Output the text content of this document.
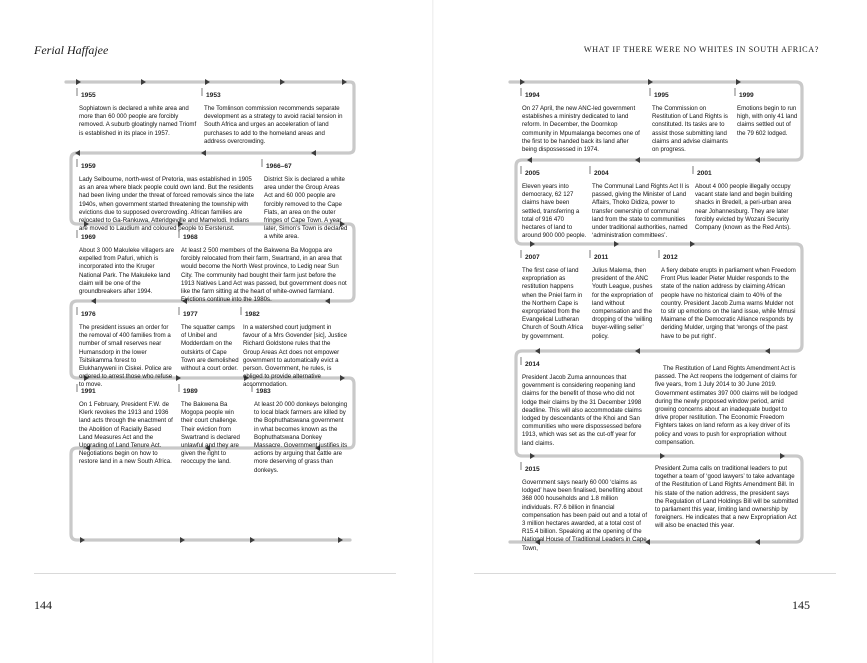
Ferial Haffajee	WHAT IF THERE WERE NO WHITES IN SOUTH AFRICA?
1955

Sophiatown is declared a white area and more than 60 000 people are forcibly removed. A suburb gloatingly named Triomf is established in its place in 1957.

1953

The Tomlinson commission recommends separate development as a strategy to avoid racial tension in South Africa and urges an acceleration of land purchases to add to the homeland areas and address overcrowding.

1959

Lady Selbourne, north-west of Pretoria, was established in 1905 as an area where black people could own land. But the residents had been living under the threat of forced removals since the late 1940s, when government started threatening the township with evictions due to supposed overcrowding. African families are relocated to Ga-Rankuwa, Atteridgeville and Mamelodi. Indians are moved to Laudium and coloured people to Eersterust.

1966–67

District Six is declared a white area under the Group Areas Act and 60 000 people are forcibly removed to the Cape Flats, an area on the outer fringes of Cape Town. A year later, Simon’s Town is declared a white area.

1969

About 3 000 Makuleke villagers are expelled from Pafuri, which is incorporated into the Kruger National Park. The Makuleke land claim will be one of the groundbreakers after 1994.

1968

At least 2 500 members of the Bakwena Ba Mogopa are forcibly relocated from their farm, Swartrand, in an area that would become the North West province, to Ledig near Sun City. The community had bought their farm just before the 1913 Natives Land Act was passed, but government does not like the farm sitting at the heart of white-owned farmland. Evictions continue into the 1980s.

1976

The president issues an order for the removal of 400 families from a number of small reserves near Humansdorp in the lower Tsitsikamma forest to Elukhanyweni in Ciskei. Police are ordered to arrest those who refuse to move.

1977

The squatter camps of Unibel and Modderdam on the outskirts of Cape Town are demolished without a court order.

1982

In a watershed court judgment in favour of a Mrs Govender [sic], Justice Richard Goldstone rules that the Group Areas Act does not empower government to automatically evict a person. Government, he rules, is obliged to provide alternative accommodation.

1991

On 1 February, President F.W. de Klerk revokes the 1913 and 1936 land acts through the enactment of the Abolition of Racially Based Land Measures Act and the Upgrading of Land Tenure Act. Negotiations begin on how to restore land in a new South Africa.

1989

The Bakwena Ba Mogopa people win their court challenge. Their eviction from Swartrand is declared unlawful and they are given the right to reoccupy the land.

1983

At least 20 000 donkeys belonging to local black farmers are killed by the Bophuthatswana government in what becomes known as the Bophuthatswana Donkey Massacre. Government justifies its actions by arguing that cattle are more deserving of grass than donkeys.

1994

On 27 April, the new ANC-led government establishes a ministry dedicated to land reform. In December, the Doornkop community in Mpumalanga becomes one of the first to be handed back its land after being dispossessed in 1974.

1995

The Commission on Restitution of Land Rights is constituted. Its tasks are to assist those submitting land claims and advise claimants on progress.

1999

Emotions begin to run high, with only 41 land claims settled out of the 79 602 lodged.

2005

Eleven years into democracy, 62 127 claims have been settled, transferring a total of 916 470 hectares of land to around 900 000 people.

2004

The Communal Land Rights Act II is passed, giving the Minister of Land Affairs, Thoko Didiza, power to transfer ownership of communal land from the state to communities under traditional authorities, named ‘administration committees’.

2001

About 4 000 people illegally occupy vacant state land and begin building shacks in Bredell, a peri-urban area near Johannesburg. They are later forcibly evicted by Wozani Security Company (known as the Red Ants).

2007

The first case of land expropriation as restitution happens when the Pniel farm in the Northern Cape is expropriated from the Evangelical Lutheran Church of South Africa by government.

2011

Julius Malema, then president of the ANC Youth League, pushes for the expropriation of land without compensation and the dropping of the ‘willing buyer-willing seller’ policy.

2012

A fiery debate erupts in parliament when Freedom Front Plus leader Pieter Mulder responds to the state of the nation address by claiming African people have no historical claim to 40% of the country. President Jacob Zuma warns Mulder not to stir up emotions on the land issue, while Mmusi Maimane of the Democratic Alliance responds by deriding Mulder, urging that ‘wrongs of the past have to be put right’.

2014

President Jacob Zuma announces that government is considering reopening land claims for the benefit of those who did not lodge their claims by the 31 December 1998 deadline. This will also accommodate claims lodged by descendants of the Khoi and San communities who were dispossessed before 1913, which was set as the cut-off year for land claims.

The Restitution of Land Rights Amendment Act is passed. The Act reopens the lodgement of claims for five years, from 1 July 2014 to 30 June 2019. Government estimates 397 000 claims will be lodged during the newly proposed window period, amid growing concerns about an inadequate budget to drive proper restitution. The Economic Freedom Fighters takes on land reform as a key driver of its policy and vows to push for expropriation without compensation.

2015

Government says nearly 60 000 ‘claims as lodged’ have been finalised, benefiting about 368 000 households and 1.8 million individuals. R7.6 billion in financial compensation has been paid out and a total of 3 million hectares awarded, at a total cost of R15.4 billion. Speaking at the opening of the National House of Traditional Leaders in Cape Town,

President Zuma calls on traditional leaders to put together a team of ‘good lawyers’ to take advantage of the Restitution of Land Rights Amendment Bill. In his state of the nation address, the president says the Regulation of Land Holdings Bill will be submitted to parliament this year, limiting land ownership by foreigners. He indicates that a new Expropriation Act will also be enacted this year.

144	145
